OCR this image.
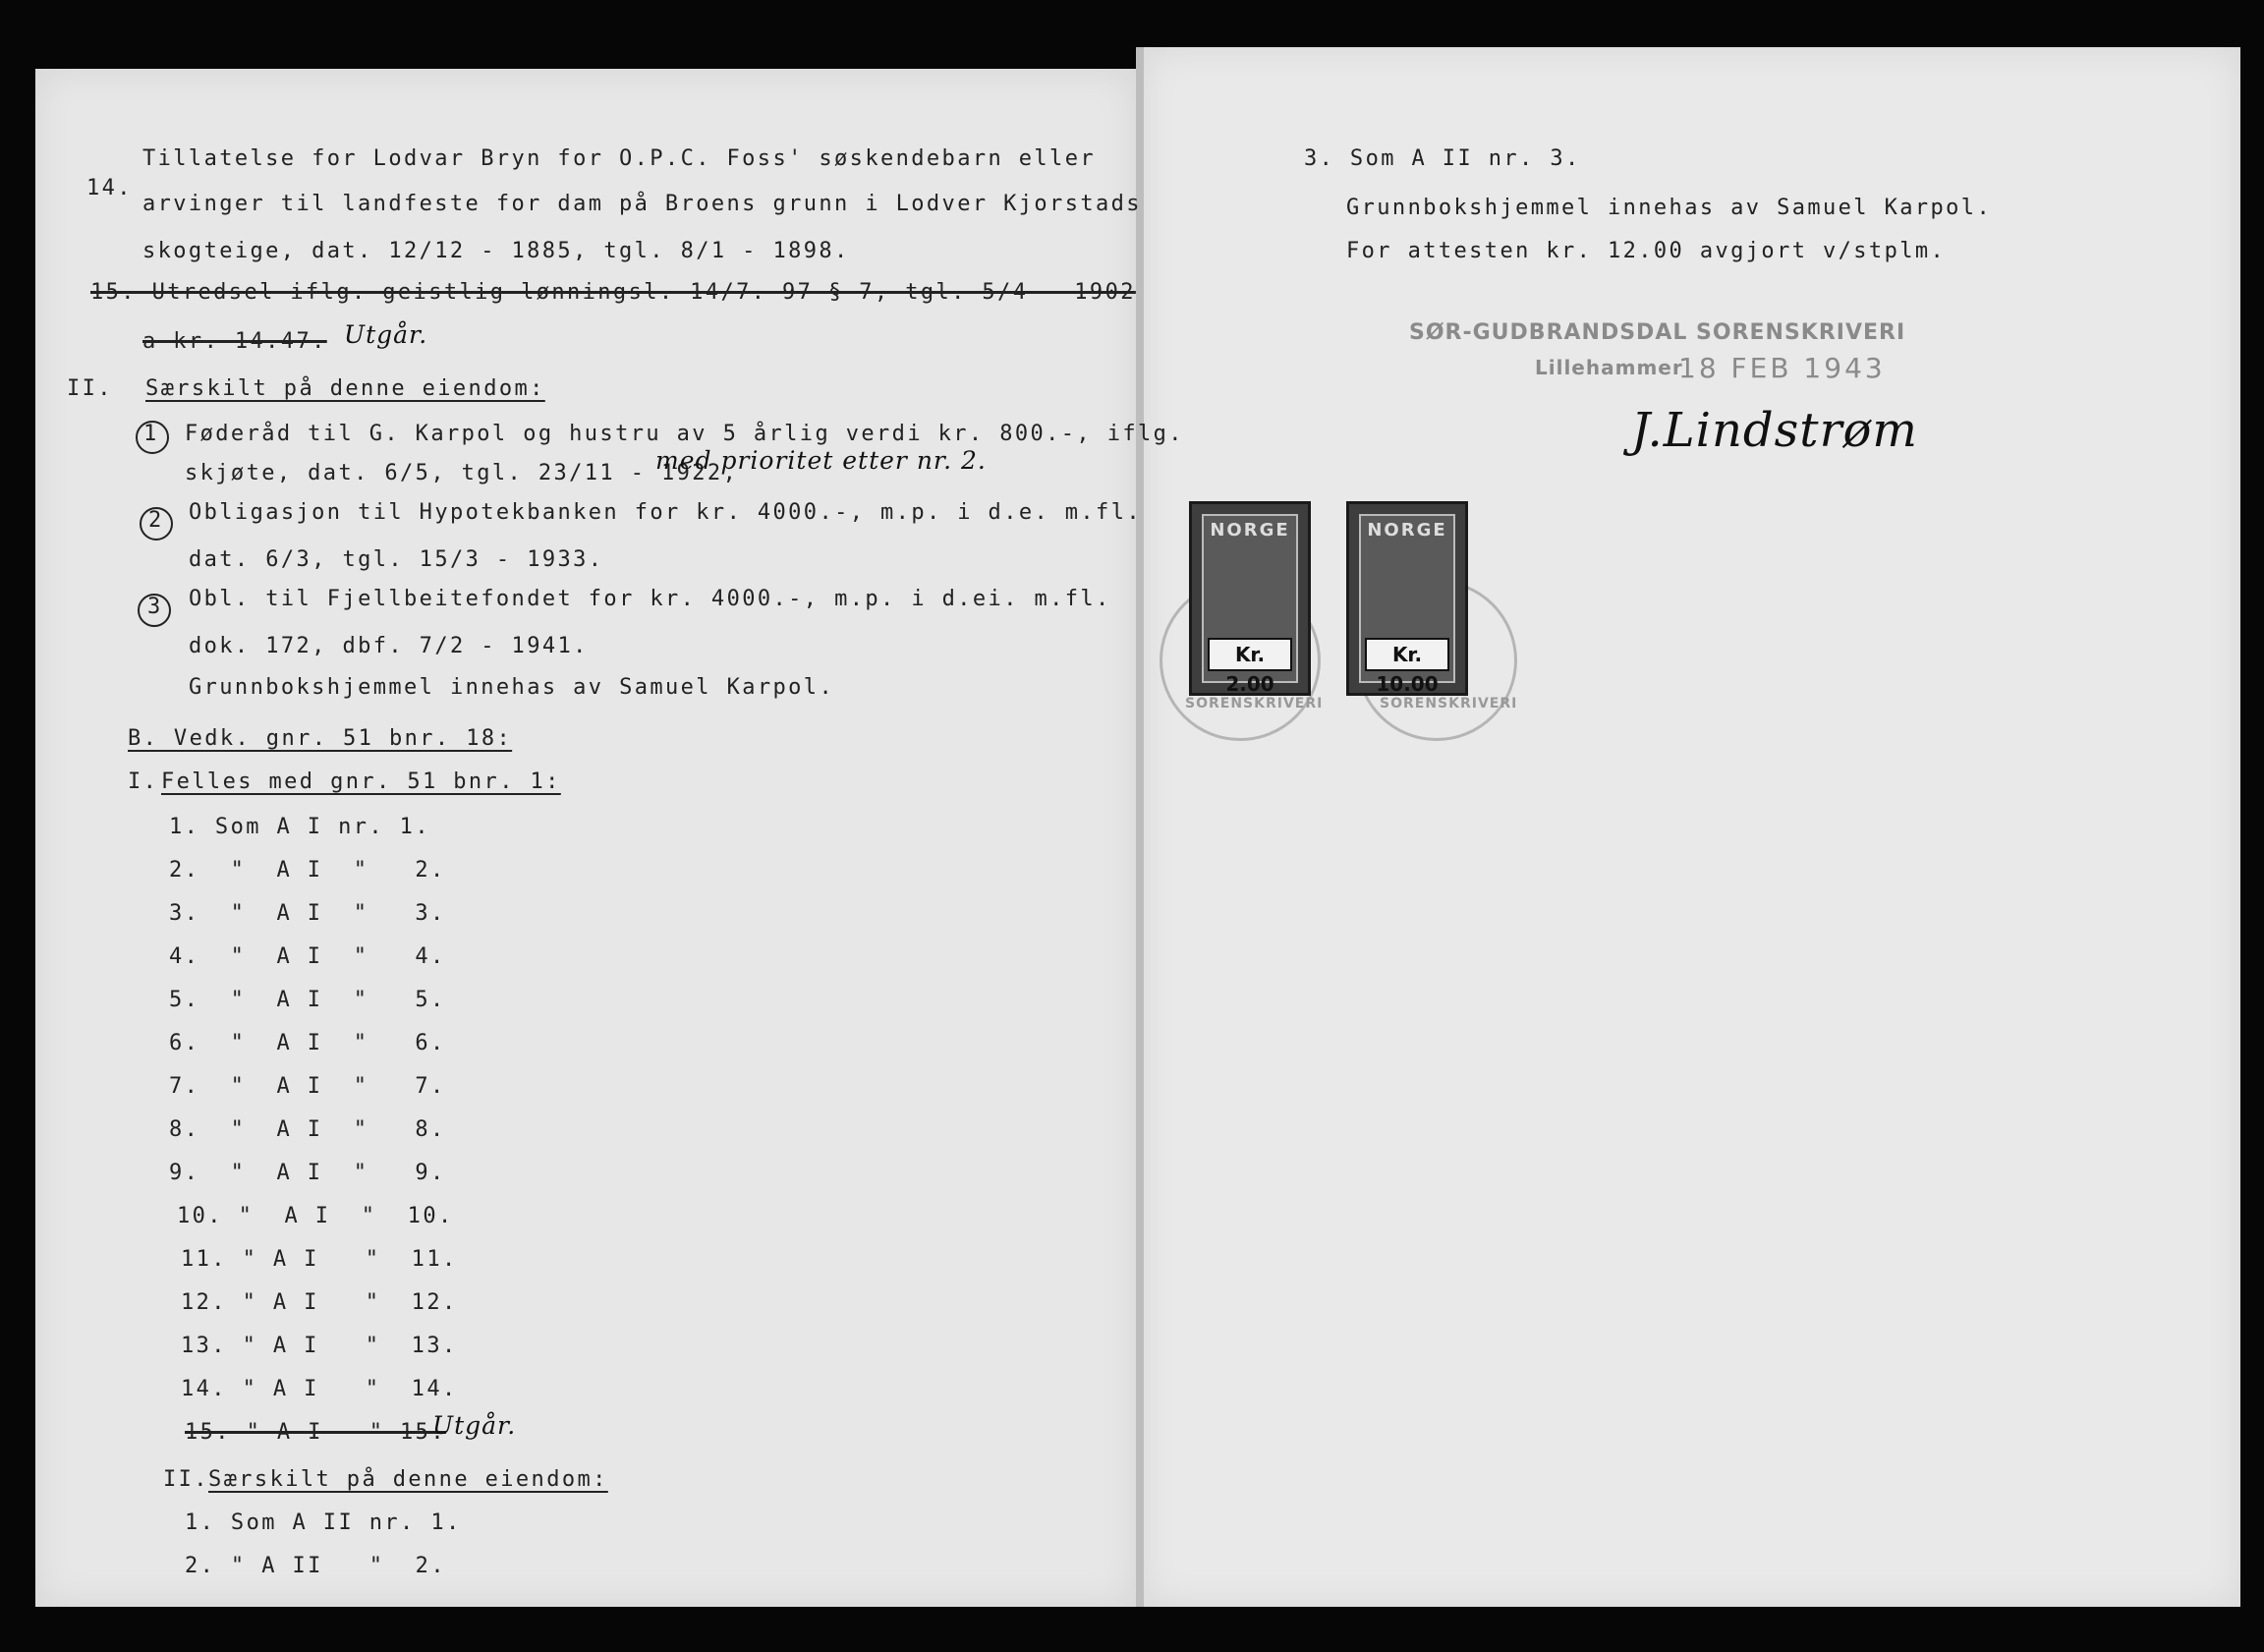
14.
Tillatelse for Lodvar Bryn for O.P.C. Foss' søskendebarn eller
arvinger til landfeste for dam på Broens grunn i Lodver Kjorstads
skogteige, dat. 12/12 - 1885, tgl. 8/1 - 1898.
15. Utredsel iflg. geistlig lønningsl. 14/7. 97 § 7, tgl. 5/4 - 1902
a kr. 14.47. Utgår.
II. Særskilt på denne eiendom:
1 Føderåd til G. Karpol og hustru av 5 årlig verdi kr. 800.-, iflg.
skjøte, dat. 6/5, tgl. 23/11 - 1922,
med prioritet etter nr. 2.
2 Obligasjon til Hypotekbanken for kr. 4000.-, m.p. i d.e. m.fl.
dat. 6/3, tgl. 15/3 - 1933.
3 Obl. til Fjellbeitefondet for kr. 4000.-, m.p. i d.ei. m.fl.
dok. 172, dbf. 7/2 - 1941.
Grunnbokshjemmel innehas av Samuel Karpol.
B. Vedk. gnr. 51 bnr. 18:
I. Felles med gnr. 51 bnr. 1:
1. Som A I nr. 1.
2.  "  A I  "   2.
3.  "  A I  "   3.
4.  "  A I  "   4.
5.  "  A I  "   5.
6.  "  A I  "   6.
7.  "  A I  "   7.
8.  "  A I  "   8.
9.  "  A I  "   9.
10. "  A I  "  10.
11. " A I   "  11.
12. " A I   "  12.
13. " A I   "  13.
14. " A I   "  14.
15. " A I   " 15.
Utgår.
II. Særskilt på denne eiendom:
1. Som A II nr. 1.
2. " A II   "  2.
3. Som A II nr. 3.
Grunnbokshjemmel innehas av Samuel Karpol.
For attesten kr. 12.00 avgjort v/stplm.
SØR-GUDBRANDSDAL SORENSKRIVERI
Lillehammer
18 FEB 1943
J.Lindstrøm
SORENSKRIVERI
NORGE
Kr. 2.00
SORENSKRIVERI
NORGE
Kr. 10.00
